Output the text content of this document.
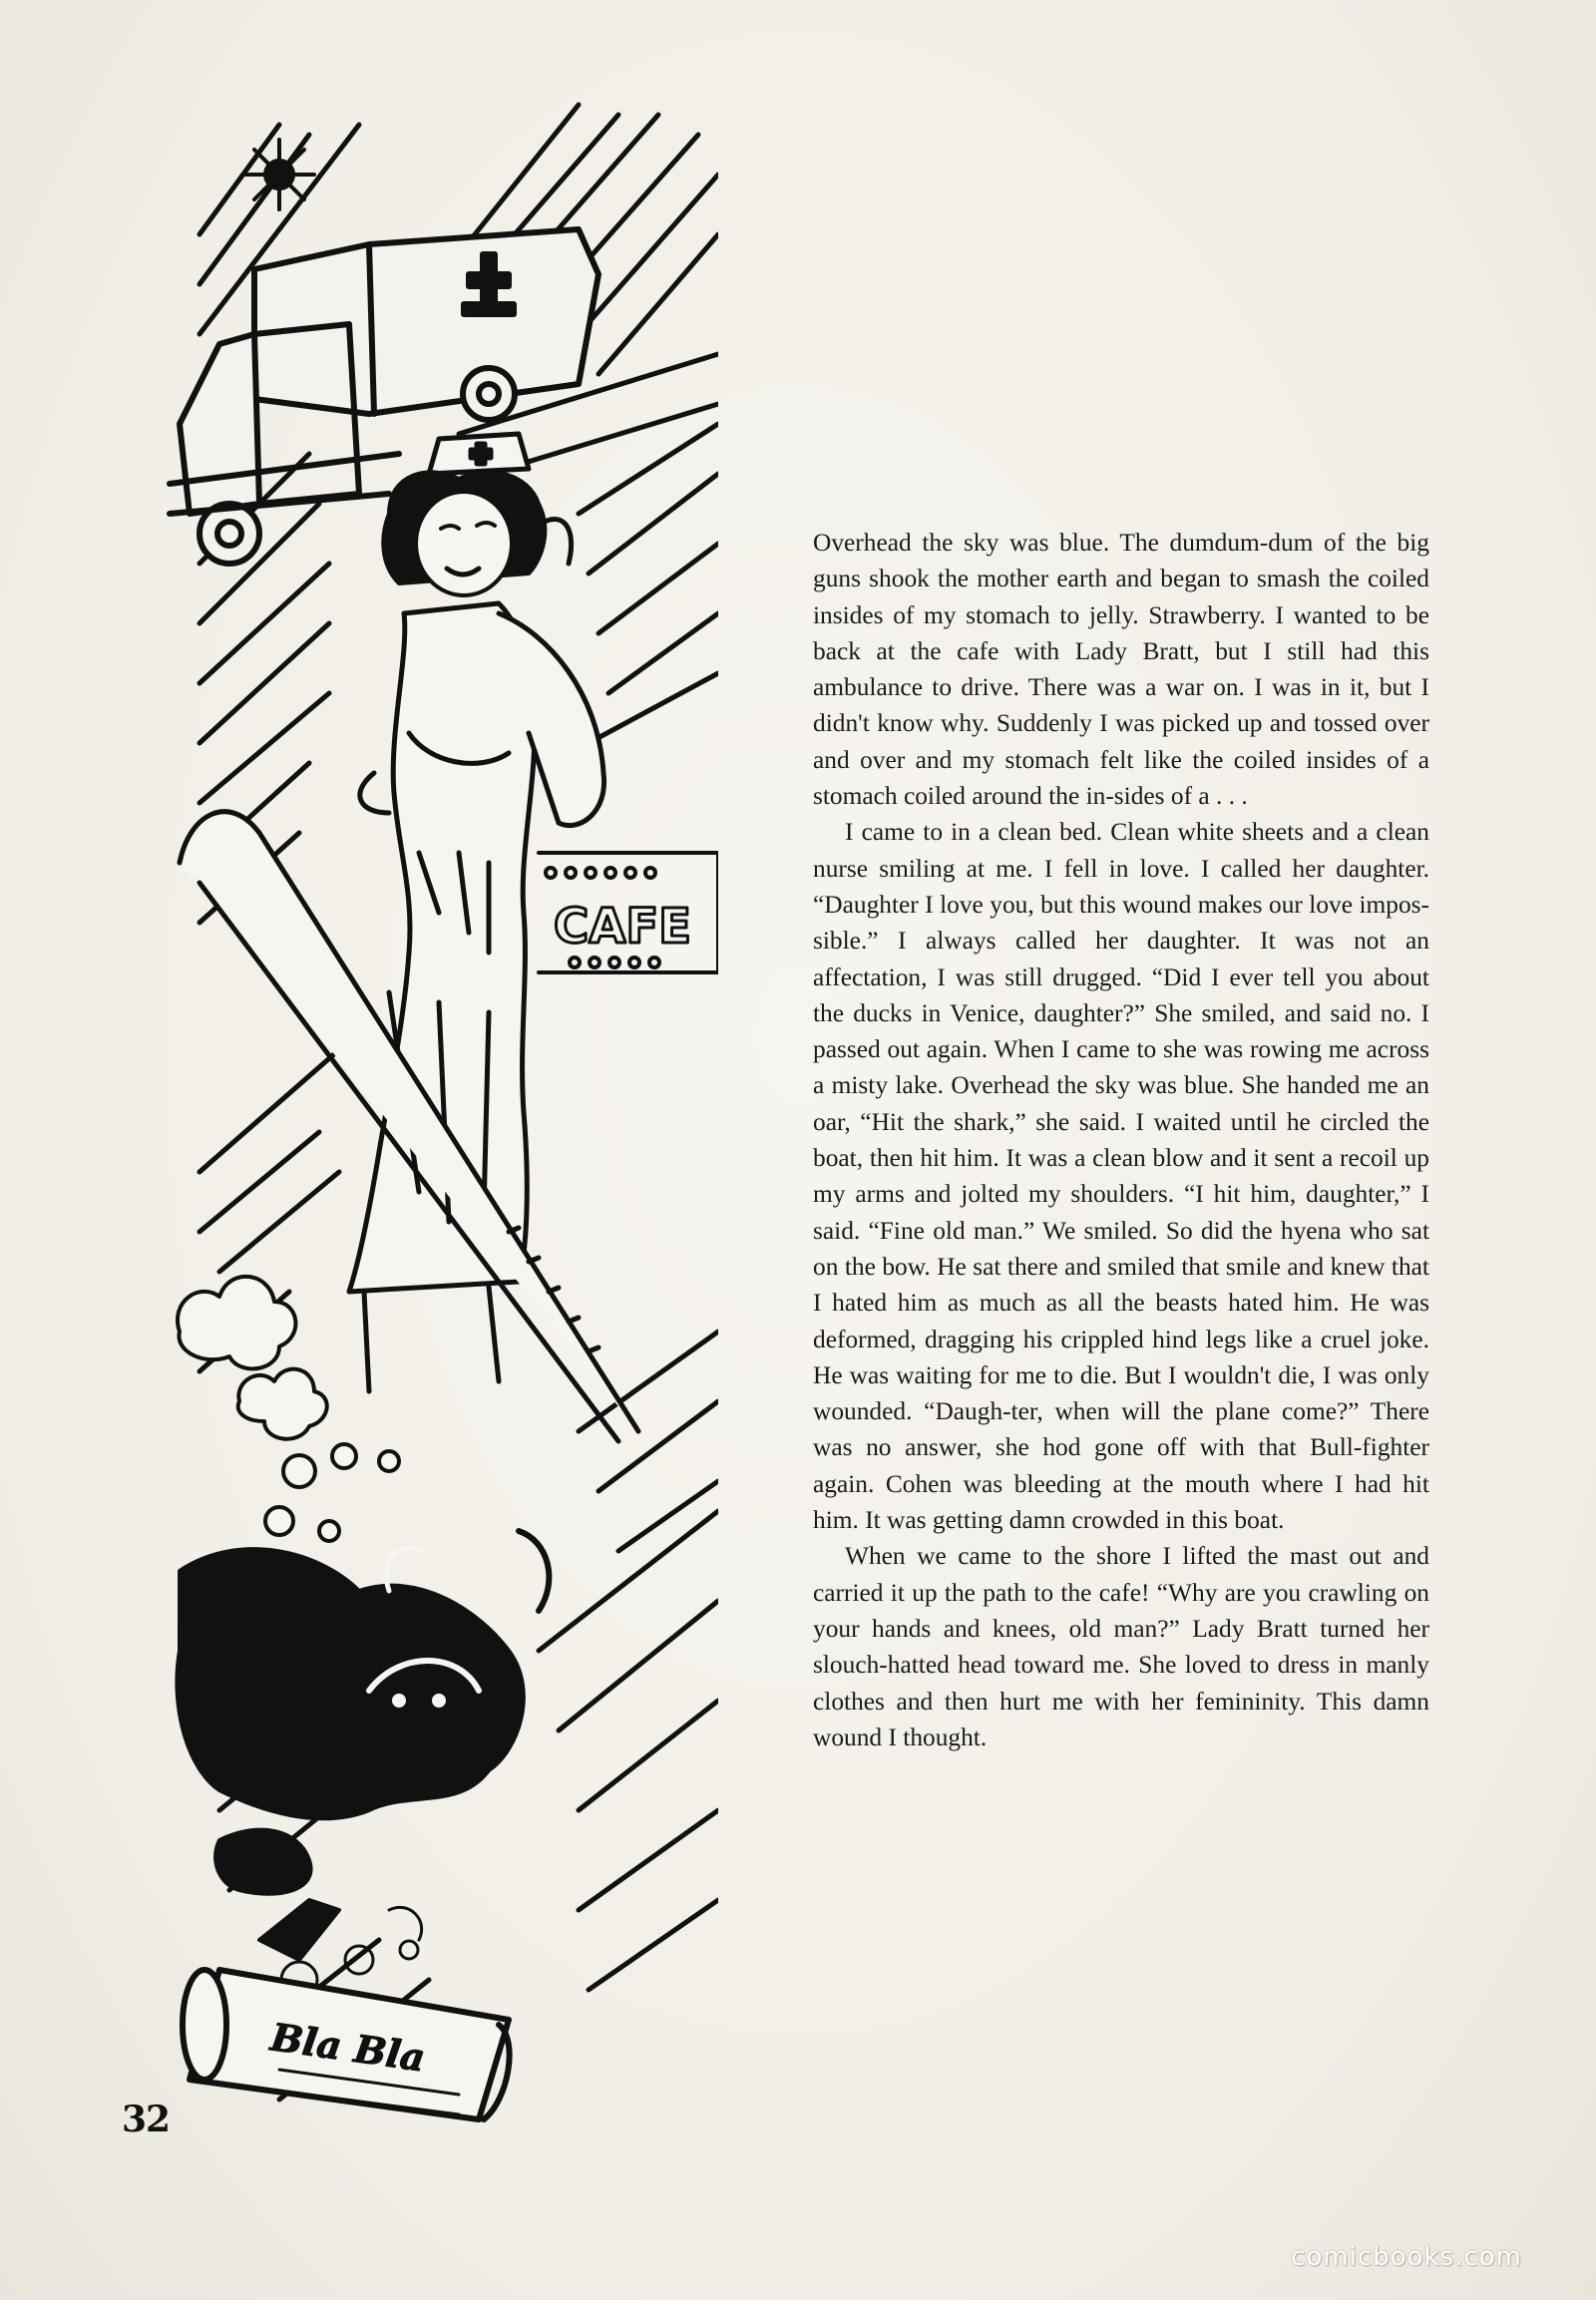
CAFE
Bla Bla

Overhead the sky was blue. The dumdum-dum of the big guns shook the mother earth and began to smash the coiled insides of my stomach to jelly. Strawberry. I wanted to be back at the cafe with Lady Bratt, but I still had this ambulance to drive. There was a war on. I was in it, but I didn't know why. Suddenly I was picked up and tossed over and over and my stomach felt like the coiled insides of a stomach coiled around the in-sides of a . . .

I came to in a clean bed. Clean white sheets and a clean nurse smiling at me. I fell in love. I called her daughter. “Daughter I love you, but this wound makes our love impos-sible.” I always called her daughter. It was not an affectation, I was still drugged. “Did I ever tell you about the ducks in Venice, daughter?” She smiled, and said no. I passed out again. When I came to she was rowing me across a misty lake. Overhead the sky was blue. She handed me an oar, “Hit the shark,” she said. I waited until he circled the boat, then hit him. It was a clean blow and it sent a recoil up my arms and jolted my shoulders. “I hit him, daughter,” I said. “Fine old man.” We smiled. So did the hyena who sat on the bow. He sat there and smiled that smile and knew that I hated him as much as all the beasts hated him. He was deformed, dragging his crippled hind legs like a cruel joke. He was waiting for me to die. But I wouldn't die, I was only wounded. “Daugh-ter, when will the plane come?” There was no answer, she hod gone off with that Bull-fighter again. Cohen was bleeding at the mouth where I had hit him. It was getting damn crowded in this boat.

When we came to the shore I lifted the mast out and carried it up the path to the cafe! “Why are you crawling on your hands and knees, old man?” Lady Bratt turned her slouch-hatted head toward me. She loved to dress in manly clothes and then hurt me with her femininity. This damn wound I thought.

32
comicbooks.com
